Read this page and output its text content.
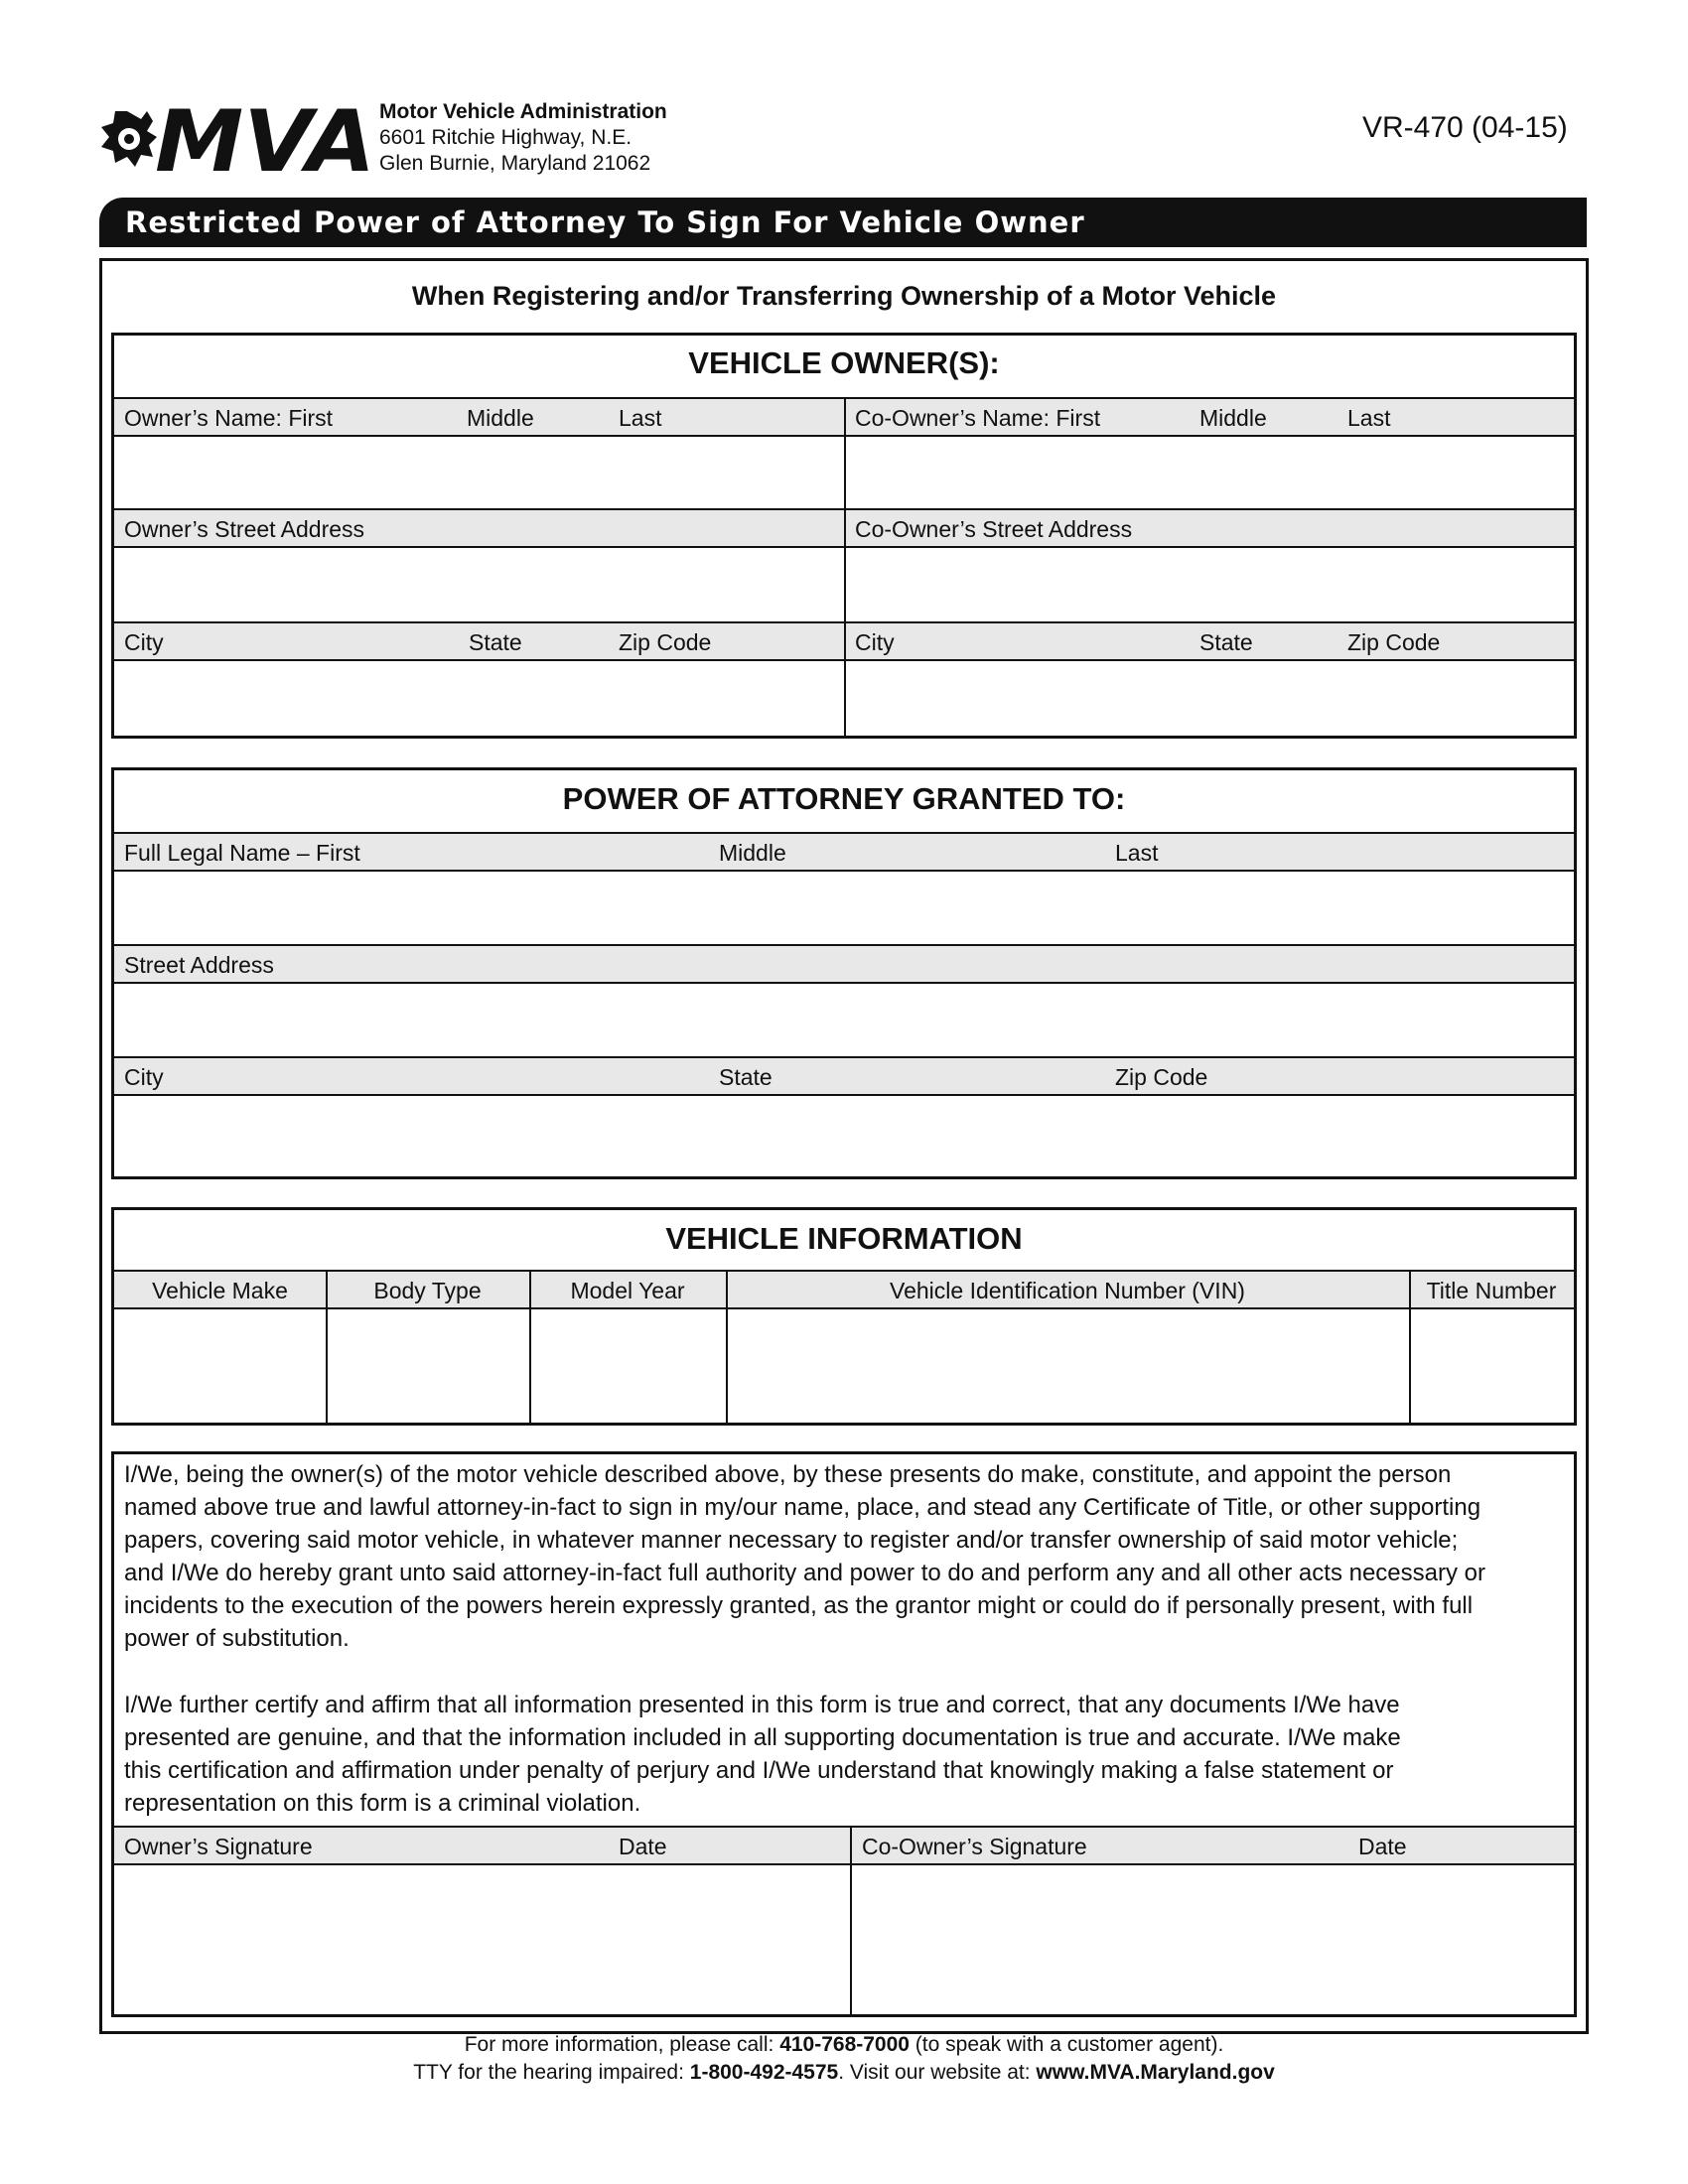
MVA Motor Vehicle Administration
6601 Ritchie Highway, N.E.
Glen Burnie, Maryland 21062
VR-470 (04-15)
Restricted Power of Attorney To Sign For Vehicle Owner
When Registering and/or Transferring Ownership of a Motor Vehicle
VEHICLE OWNER(S):
Owner’s Name: First	Middle	Last	Co-Owner’s Name: First	Middle	Last
Owner’s Street Address	Co-Owner’s Street Address
City	State	Zip Code	City	State	Zip Code
POWER OF ATTORNEY GRANTED TO:
Full Legal Name – First	Middle	Last
Street Address
City	State	Zip Code
VEHICLE INFORMATION
Vehicle Make	Body Type	Model Year	Vehicle Identification Number (VIN)	Title Number
I/We, being the owner(s) of the motor vehicle described above, by these presents do make, constitute, and appoint the person
named above true and lawful attorney-in-fact to sign in my/our name, place, and stead any Certificate of Title, or other supporting
papers, covering said motor vehicle, in whatever manner necessary to register and/or transfer ownership of said motor vehicle;
and I/We do hereby grant unto said attorney-in-fact full authority and power to do and perform any and all other acts necessary or
incidents to the execution of the powers herein expressly granted, as the grantor might or could do if personally present, with full
power of substitution.
I/We further certify and affirm that all information presented in this form is true and correct, that any documents I/We have
presented are genuine, and that the information included in all supporting documentation is true and accurate. I/We make
this certification and affirmation under penalty of perjury and I/We understand that knowingly making a false statement or
representation on this form is a criminal violation.
Owner’s Signature	Date	Co-Owner’s Signature	Date
For more information, please call: 410-768-7000 (to speak with a customer agent).
TTY for the hearing impaired: 1-800-492-4575. Visit our website at: www.MVA.Maryland.gov
